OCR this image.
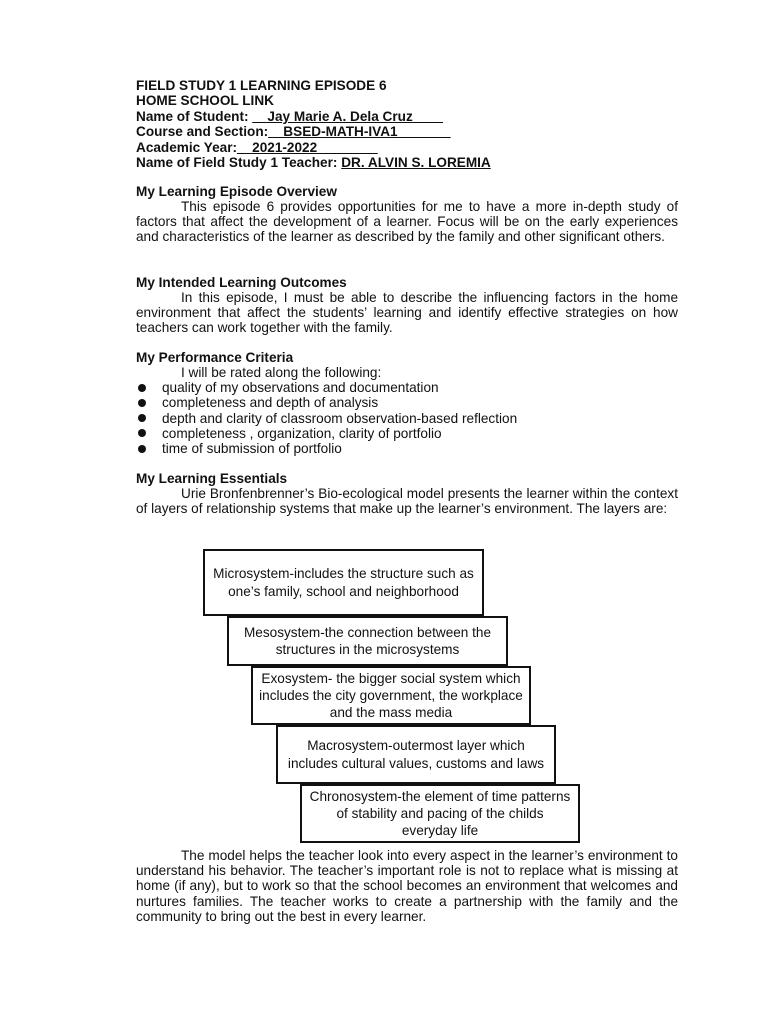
FIELD STUDY 1 LEARNING EPISODE 6
HOME SCHOOL LINK
Name of Student: __Jay Marie A. Dela Cruz____
Course and Section:__BSED-MATH-IVA1_______
Academic Year:__2021-2022________
Name of Field Study 1 Teacher: DR. ALVIN S. LOREMIA
My Learning Episode Overview
This episode 6 provides opportunities for me to have a more in-depth study of factors that affect the development of a learner. Focus will be on the early experiences and characteristics of the learner as described by the family and other significant others.
My Intended Learning Outcomes
In this episode, I must be able to describe the influencing factors in the home environment that affect the students’ learning and identify effective strategies on how teachers can work together with the family.
My Performance Criteria
I will be rated along the following:
quality of my observations and documentation
completeness and depth of analysis
depth and clarity of classroom observation-based reflection
completeness , organization, clarity of portfolio
time of submission of portfolio
My Learning Essentials
Urie Bronfenbrenner’s Bio-ecological model presents the learner within the context of layers of relationship systems that make up the learner’s environment. The layers are:
Microsystem-includes the structure such as one’s family, school and neighborhood
Mesosystem-the connection between the structures in the microsystems
Exosystem- the bigger social system which includes the city government, the workplace and the mass media
Macrosystem-outermost layer which includes cultural values, customs and laws
Chronosystem-the element of time patterns of stability and pacing of the childs everyday life
The model helps the teacher look into every aspect in the learner’s environment to understand his behavior. The teacher’s important role is not to replace what is missing at home (if any), but to work so that the school becomes an environment that welcomes and nurtures families. The teacher works to create a partnership with the family and the community to bring out the best in every learner.
